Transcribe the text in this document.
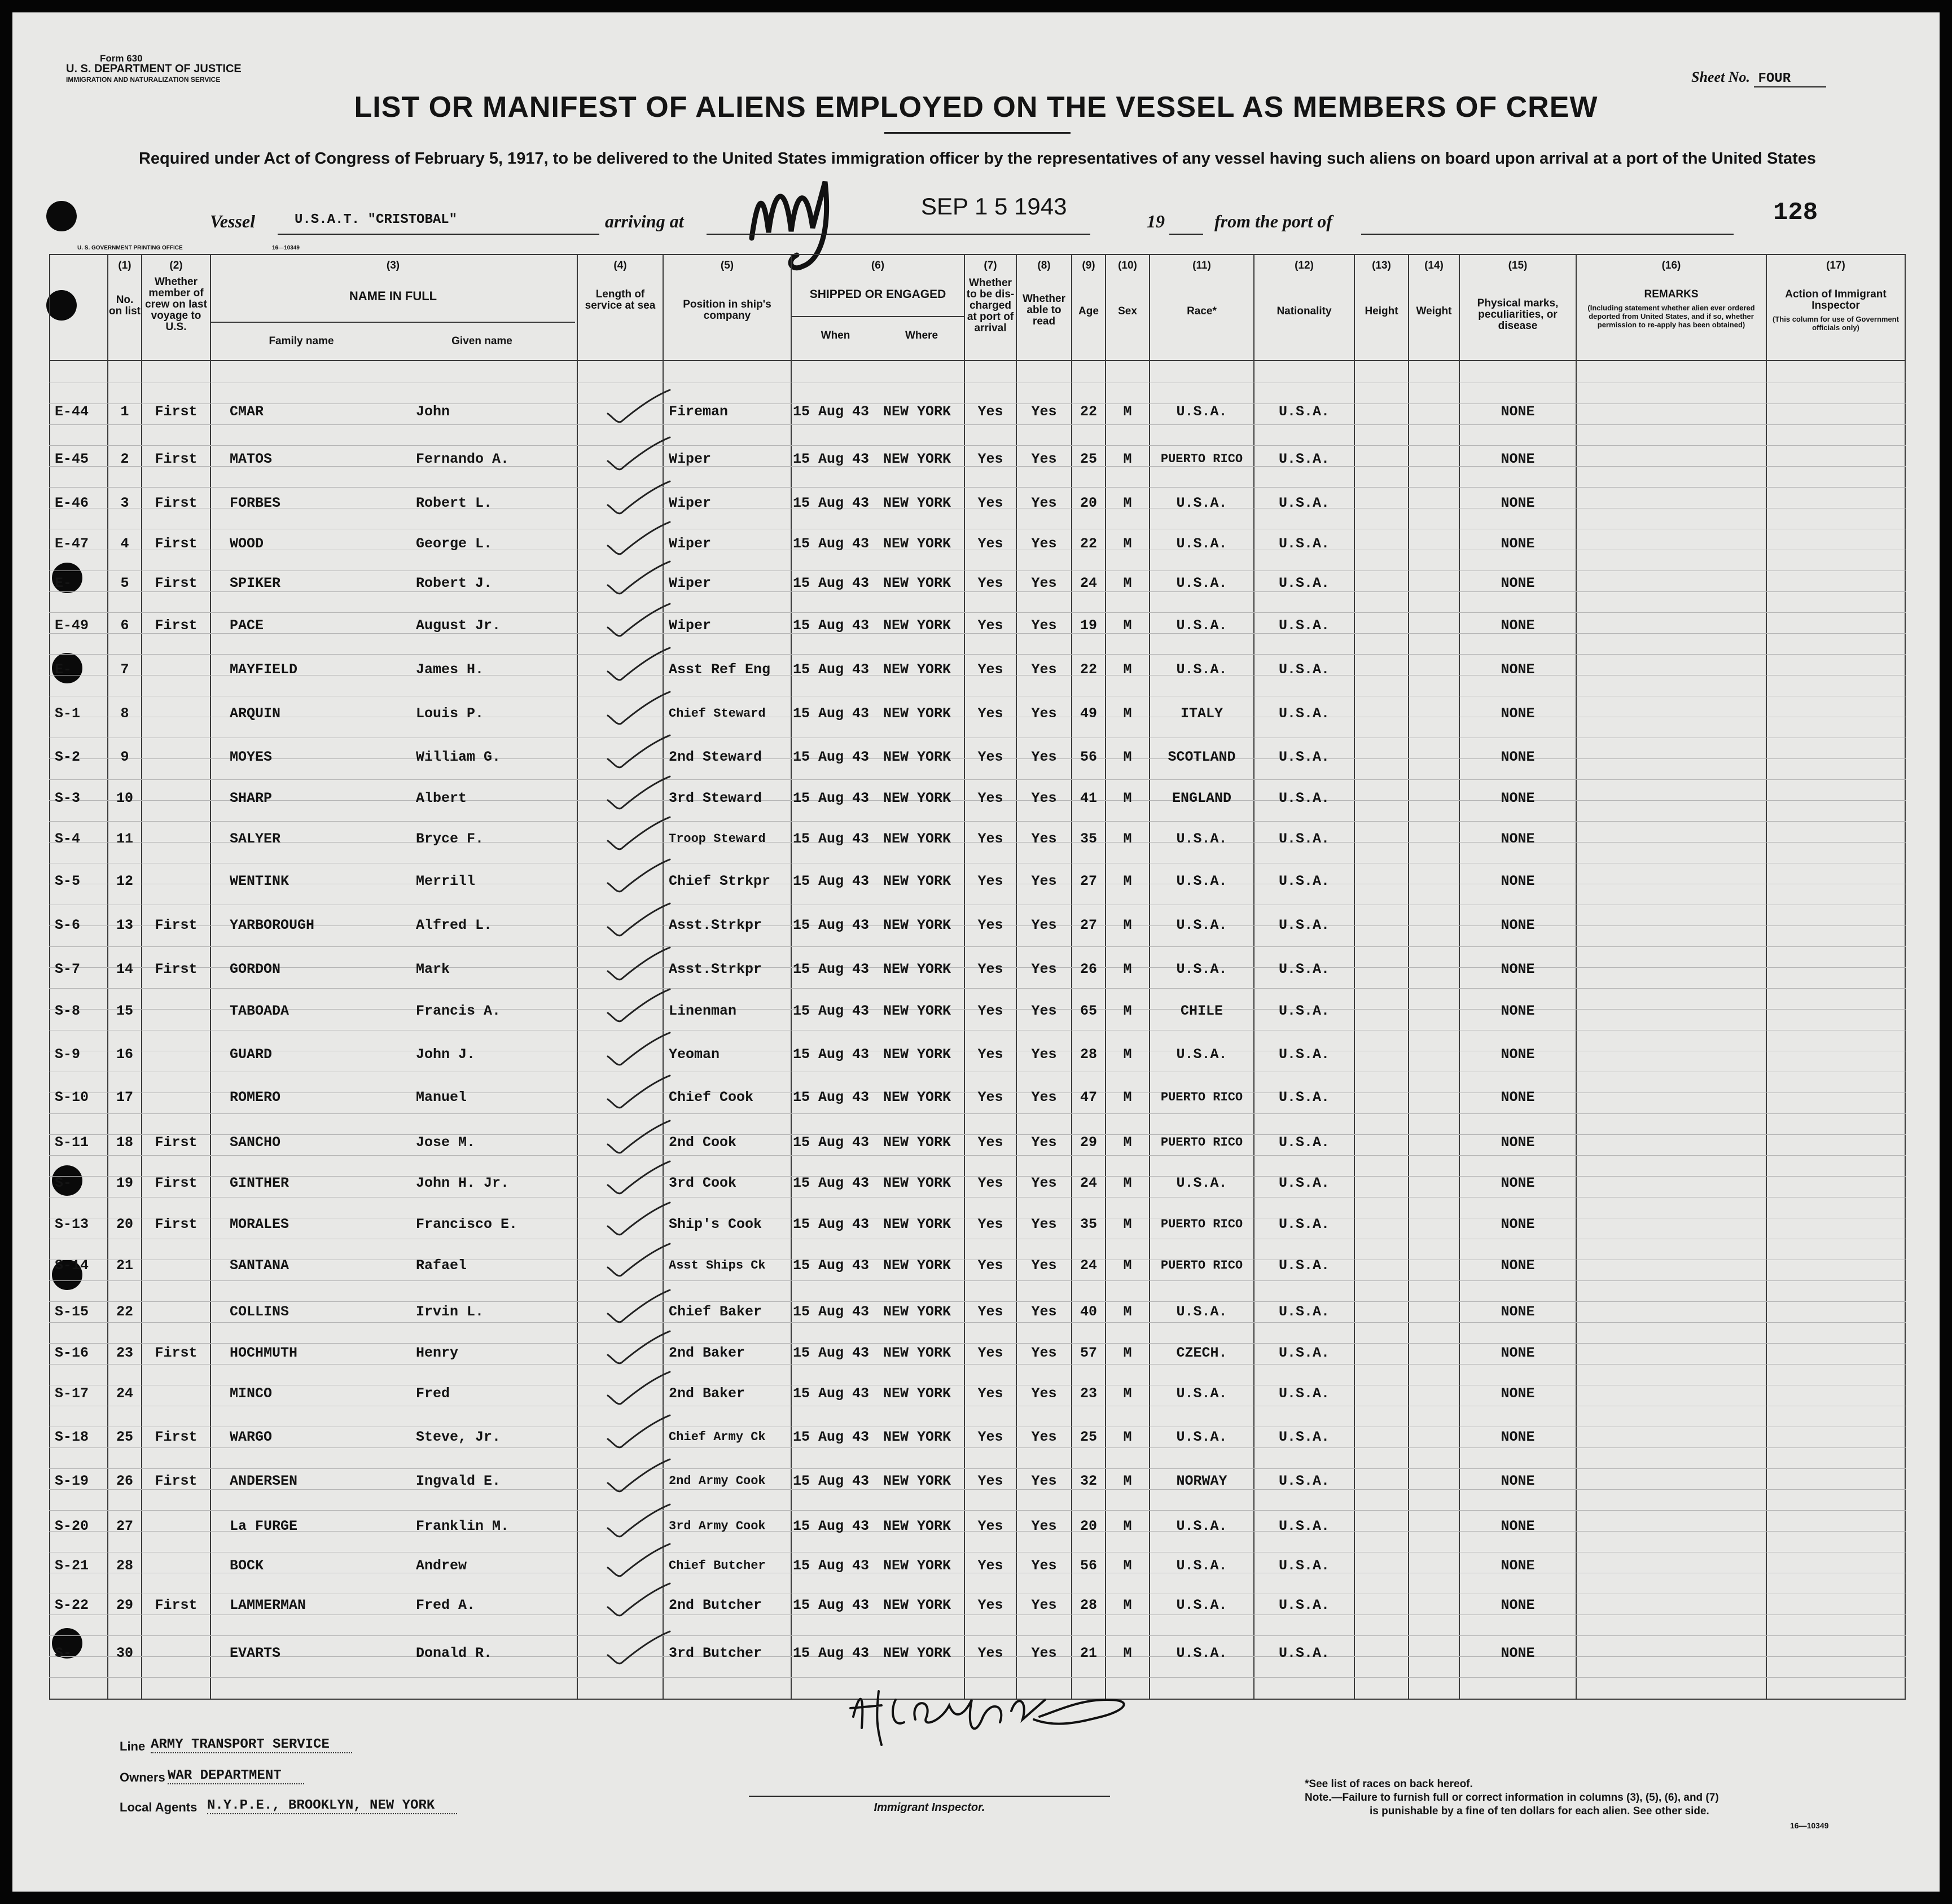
Form 630
U. S. DEPARTMENT OF JUSTICE
IMMIGRATION AND NATURALIZATION SERVICE	Sheet No. FOUR
LIST OR MANIFEST OF ALIENS EMPLOYED ON THE VESSEL AS MEMBERS OF CREW
Required under Act of Congress of February 5, 1917, to be delivered to the United States immigration officer by the representatives of any vessel having such aliens on board upon arrival at a port of the United States
Vessel	U.S.A.T. "CRISTOBAL"	arriving at	19	from the port of
SEP 1 5 1943	128
U. S. GOVERNMENT PRINTING OFFICE	16—10349
(1)
No. on list
(2)
Whether member of crew on last voyage to U.S.
(3)
NAME IN FULL
Family name	Given name
(4)
Length of service at sea
(5)
Position in ship's company
(6)
SHIPPED OR ENGAGED
When	Where
(7)
Whether to be dis-charged at port of arrival
(8)
Whether able to read
(9)
Age
(10)
Sex
(11)
Race*
(12)
Nationality
(13)
Height
(14)
Weight
(15)
Physical marks, peculiarities, or disease
(16)
REMARKS
(Including statement whether alien ever ordered deported from United States, and if so, whether permission to re-apply has been obtained)
(17)
Action of Immigrant Inspector
(This column for use of Government officials only)
E-44	1	First	CMAR	John	Fireman	15 Aug 43 NEW YORK	Yes	Yes	22	M	U.S.A.	U.S.A.	NONE
E-45	2	First	MATOS	Fernando A.	Wiper	15 Aug 43 NEW YORK	Yes	Yes	25	M	PUERTO RICO	U.S.A.	NONE
E-46	3	First	FORBES	Robert L.	Wiper	15 Aug 43 NEW YORK	Yes	Yes	20	M	U.S.A.	U.S.A.	NONE
E-47	4	First	WOOD	George L.	Wiper	15 Aug 43 NEW YORK	Yes	Yes	22	M	U.S.A.	U.S.A.	NONE
E-	5	First	SPIKER	Robert J.	Wiper	15 Aug 43 NEW YORK	Yes	Yes	24	M	U.S.A.	U.S.A.	NONE
E-49	6	First	PACE	August Jr.	Wiper	15 Aug 43 NEW YORK	Yes	Yes	19	M	U.S.A.	U.S.A.	NONE
E-	7	MAYFIELD	James H.	Asst Ref Eng	15 Aug 43 NEW YORK	Yes	Yes	22	M	U.S.A.	U.S.A.	NONE
S-1	8	ARQUIN	Louis P.	Chief Steward	15 Aug 43 NEW YORK	Yes	Yes	49	M	ITALY	U.S.A.	NONE
S-2	9	MOYES	William G.	2nd Steward	15 Aug 43 NEW YORK	Yes	Yes	56	M	SCOTLAND	U.S.A.	NONE
S-3	10	SHARP	Albert	3rd Steward	15 Aug 43 NEW YORK	Yes	Yes	41	M	ENGLAND	U.S.A.	NONE
S-4	11	SALYER	Bryce F.	Troop Steward	15 Aug 43 NEW YORK	Yes	Yes	35	M	U.S.A.	U.S.A.	NONE
S-5	12	WENTINK	Merrill	Chief Strkpr	15 Aug 43 NEW YORK	Yes	Yes	27	M	U.S.A.	U.S.A.	NONE
S-6	13	First	YARBOROUGH	Alfred L.	Asst.Strkpr	15 Aug 43 NEW YORK	Yes	Yes	27	M	U.S.A.	U.S.A.	NONE
S-7	14	First	GORDON	Mark	Asst.Strkpr	15 Aug 43 NEW YORK	Yes	Yes	26	M	U.S.A.	U.S.A.	NONE
S-8	15	TABOADA	Francis A.	Linenman	15 Aug 43 NEW YORK	Yes	Yes	65	M	CHILE	U.S.A.	NONE
S-9	16	GUARD	John J.	Yeoman	15 Aug 43 NEW YORK	Yes	Yes	28	M	U.S.A.	U.S.A.	NONE
S-10	17	ROMERO	Manuel	Chief Cook	15 Aug 43 NEW YORK	Yes	Yes	47	M	PUERTO RICO	U.S.A.	NONE
S-11	18	First	SANCHO	Jose M.	2nd Cook	15 Aug 43 NEW YORK	Yes	Yes	29	M	PUERTO RICO	U.S.A.	NONE
S-	19	First	GINTHER	John H. Jr.	3rd Cook	15 Aug 43 NEW YORK	Yes	Yes	24	M	U.S.A.	U.S.A.	NONE
S-13	20	First	MORALES	Francisco E.	Ship's Cook	15 Aug 43 NEW YORK	Yes	Yes	35	M	PUERTO RICO	U.S.A.	NONE
S-14	21	SANTANA	Rafael	Asst Ships Ck	15 Aug 43 NEW YORK	Yes	Yes	24	M	PUERTO RICO	U.S.A.	NONE
S-15	22	COLLINS	Irvin L.	Chief Baker	15 Aug 43 NEW YORK	Yes	Yes	40	M	U.S.A.	U.S.A.	NONE
S-16	23	First	HOCHMUTH	Henry	2nd Baker	15 Aug 43 NEW YORK	Yes	Yes	57	M	CZECH.	U.S.A.	NONE
S-17	24	MINCO	Fred	2nd Baker	15 Aug 43 NEW YORK	Yes	Yes	23	M	U.S.A.	U.S.A.	NONE
S-18	25	First	WARGO	Steve, Jr.	Chief Army Ck	15 Aug 43 NEW YORK	Yes	Yes	25	M	U.S.A.	U.S.A.	NONE
S-19	26	First	ANDERSEN	Ingvald E.	2nd Army Cook	15 Aug 43 NEW YORK	Yes	Yes	32	M	NORWAY	U.S.A.	NONE
S-20	27	La FURGE	Franklin M.	3rd Army Cook	15 Aug 43 NEW YORK	Yes	Yes	20	M	U.S.A.	U.S.A.	NONE
S-21	28	BOCK	Andrew	Chief Butcher	15 Aug 43 NEW YORK	Yes	Yes	56	M	U.S.A.	U.S.A.	NONE
S-22	29	First	LAMMERMAN	Fred A.	2nd Butcher	15 Aug 43 NEW YORK	Yes	Yes	28	M	U.S.A.	U.S.A.	NONE
S-	30	EVARTS	Donald R.	3rd Butcher	15 Aug 43 NEW YORK	Yes	Yes	21	M	U.S.A.	U.S.A.	NONE
Line ARMY TRANSPORT SERVICE
Owners WAR DEPARTMENT
Local Agents N.Y.P.E., BROOKLYN, NEW YORK	Immigrant Inspector.
*See list of races on back hereof.
Note.—Failure to furnish full or correct information in columns (3), (5), (6), and (7)
is punishable by a fine of ten dollars for each alien. See other side.
16—10349
